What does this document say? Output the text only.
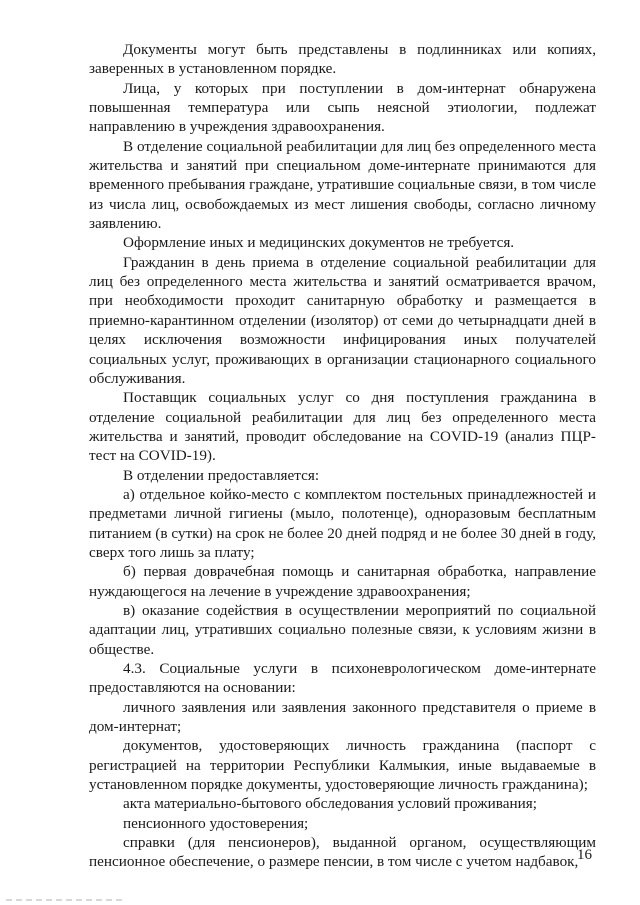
Документы могут быть представлены в подлинниках или копиях, заверенных в установленном порядке.

Лица, у которых при поступлении в дом-интернат обнаружена повышенная температура или сыпь неясной этиологии, подлежат направлению в учреждения здравоохранения.

В отделение социальной реабилитации для лиц без определенного места жительства и занятий при специальном доме-интернате принимаются для временного пребывания граждане, утратившие социальные связи, в том числе из числа лиц, освобождаемых из мест лишения свободы, согласно личному заявлению.

Оформление иных и медицинских документов не требуется.

Гражданин в день приема в отделение социальной реабилитации для лиц без определенного места жительства и занятий осматривается врачом, при необходимости проходит санитарную обработку и размещается в приемно-карантинном отделении (изолятор) от семи до четырнадцати дней в целях исключения возможности инфицирования иных получателей социальных услуг, проживающих в организации стационарного социального обслуживания.

Поставщик социальных услуг со дня поступления гражданина в отделение социальной реабилитации для лиц без определенного места жительства и занятий, проводит обследование на COVID-19 (анализ ПЦР-тест на COVID-19).

В отделении предоставляется:

а) отдельное койко-место с комплектом постельных принадлежностей и предметами личной гигиены (мыло, полотенце), одноразовым бесплатным питанием (в сутки) на срок не более 20 дней подряд и не более 30 дней в году, сверх того лишь за плату;

б) первая доврачебная помощь и санитарная обработка, направление нуждающегося на лечение в учреждение здравоохранения;

в) оказание содействия в осуществлении мероприятий по социальной адаптации лиц, утративших социально полезные связи, к условиям жизни в обществе.

4.3. Социальные услуги в психоневрологическом доме-интернате предоставляются на основании:

личного заявления или заявления законного представителя о приеме в дом-интернат;

документов, удостоверяющих личность гражданина (паспорт с регистрацией на территории Республики Калмыкия, иные выдаваемые в установленном порядке документы, удостоверяющие личность гражданина);

акта материально-бытового обследования условий проживания;

пенсионного удостоверения;

справки (для пенсионеров), выданной органом, осуществляющим пенсионное обеспечение, о размере пенсии, в том числе с учетом надбавок,

16
